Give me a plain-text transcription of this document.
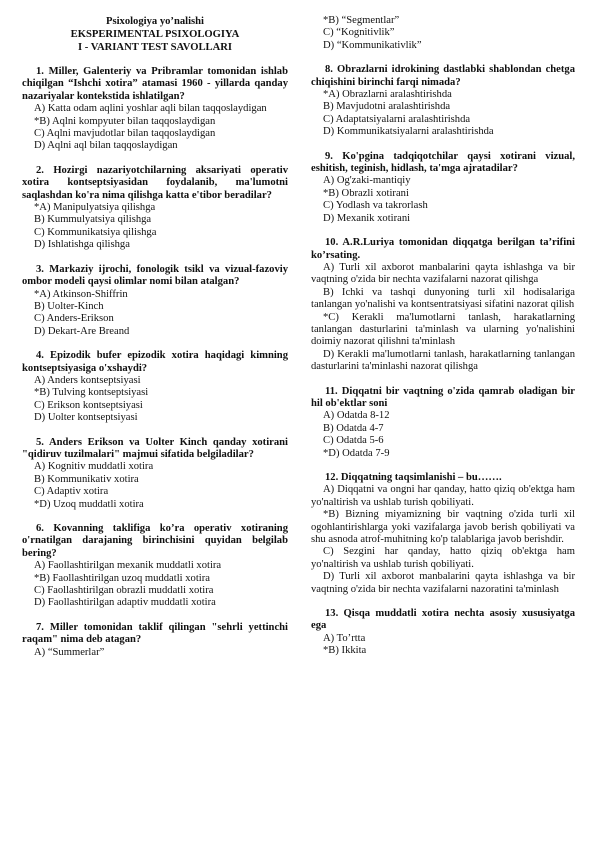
Psixologiya yo’nalishi
EKSPERIMENTAL PSIXOLOGIYA
I - VARIANT TEST SAVOLLARI
1. Miller, Galenteriy va Pribramlar tomonidan ishlab chiqilgan “Ishchi xotira” atamasi 1960 - yillarda qanday nazariyalar kontekstida ishlatilgan?
A) Katta odam aqlini yoshlar aqli bilan taqqoslaydigan
*B) Aqlni kompyuter bilan taqqoslaydigan
C) Aqlni mavjudotlar bilan taqqoslaydigan
D) Aqlni aql bilan taqqoslaydigan
2. Hozirgi nazariyotchilarning aksariyati operativ xotira kontseptsiyasidan foydalanib, ma'lumotni saqlashdan ko'ra nima qilishga katta e'tibor beradilar?
*A) Manipulyatsiya qilishga
B) Kummulyatsiya qilishga
C) Kommunikatsiya qilishga
D) Ishlatishga qilishga
3. Markaziy ijrochi, fonologik tsikl va vizual-fazoviy ombor modeli qaysi olimlar nomi bilan atalgan?
*A) Atkinson-Shiffrin
B) Uolter-Kinch
C) Anders-Erikson
D) Dekart-Are Breand
4. Epizodik bufer epizodik xotira haqidagi kimning kontseptsiyasiga o'xshaydi?
A) Anders kontseptsiyasi
*B) Tulving kontseptsiyasi
C) Erikson kontseptsiyasi
D) Uolter kontseptsiyasi
5. Anders Erikson va Uolter Kinch qanday xotirani "qidiruv tuzilmalari" majmui sifatida belgiladilar?
A) Kognitiv muddatli xotira
B) Kommunikativ xotira
C) Adaptiv xotira
*D) Uzoq muddatli xotira
6. Kovanning taklifiga ko’ra operativ xotiraning o'rnatilgan darajaning birinchisini quyidan belgilab bering?
A) Faollashtirilgan mexanik muddatli xotira
*B) Faollashtirilgan uzoq muddatli xotira
C) Faollashtirilgan obrazli muddatli xotira
D) Faollashtirilgan adaptiv muddatli xotira
7. Miller tomonidan taklif qilingan "sehrli yettinchi raqam" nima deb atagan?
A) “Summerlar”
*B) “Segmentlar”
C) “Kognitivlik”
D) “Kommunikativlik”
8. Obrazlarni idrokining dastlabki shablondan chetga chiqishini birinchi farqi nimada?
*A) Obrazlarni aralashtirishda
B) Mavjudotni aralashtirishda
C) Adaptatsiyalarni aralashtirishda
D) Kommunikatsiyalarni aralashtirishda
9. Ko'pgina tadqiqotchilar qaysi xotirani vizual, eshitish, teginish, hidlash, ta'mga ajratadilar?
A) Og'zaki-mantiqiy
*B) Obrazli xotirani
C) Yodlash va takrorlash
D) Mexanik xotirani
10. A.R.Luriya tomonidan diqqatga berilgan ta’rifini ko’rsating.
A) Turli xil axborot manbalarini qayta ishlashga va bir vaqtning o'zida bir nechta vazifalarni nazorat qilishga
B) Ichki va tashqi dunyoning turli xil hodisalariga tanlangan yo'nalishi va kontsentratsiyasi sifatini nazorat qilish
*C) Kerakli ma'lumotlarni tanlash, harakatlarning tanlangan dasturlarini ta'minlash va ularning yo'nalishini doimiy nazorat qilishni ta'minlash
D) Kerakli ma'lumotlarni tanlash, harakatlarning tanlangan dasturlarini ta'minlashi nazorat qilishga
11. Diqqatni bir vaqtning o'zida qamrab oladigan bir hil ob'ektlar soni
A) Odatda 8-12
B) Odatda 4-7
C) Odatda 5-6
*D) Odatda 7-9
12. Diqqatning taqsimlanishi – bu…….
A) Diqqatni va ongni har qanday, hatto qiziq ob'ektga ham yo'naltirish va ushlab turish qobiliyati.
*B) Bizning miyamizning bir vaqtning o'zida turli xil ogohlantirishlarga yoki vazifalarga javob berish qobiliyati va shu asnoda atrof-muhitning ko'p talablariga javob berishdir.
C) Sezgini har qanday, hatto qiziq ob'ektga ham yo'naltirish va ushlab turish qobiliyati.
D) Turli xil axborot manbalarini qayta ishlashga va bir vaqtning o'zida bir nechta vazifalarni nazoratini ta'minlash
13. Qisqa muddatli xotira nechta asosiy xususiyatga ega
A) To’rtta
*B) Ikkita
